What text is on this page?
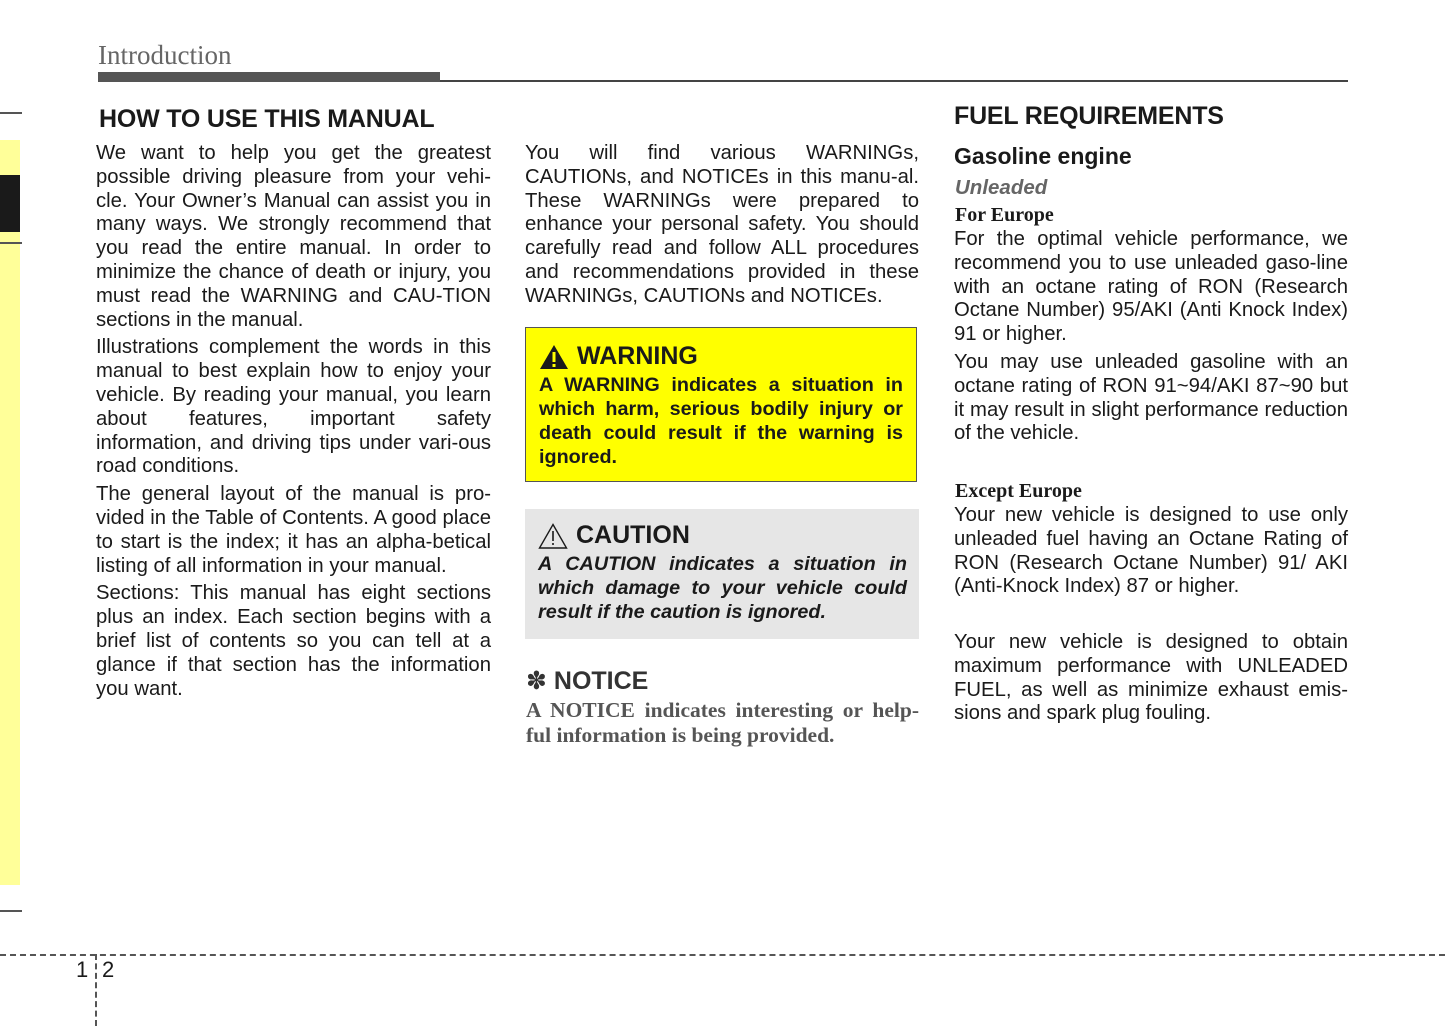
Introduction
HOW TO USE THIS MANUAL

We want to help you get the greatest possible driving pleasure from your vehi-cle. Your Owner’s Manual can assist you in many ways. We strongly recommend that you read the entire manual. In order to minimize the chance of death or injury, you must read the WARNING and CAU-TION sections in the manual.

Illustrations complement the words in this manual to best explain how to enjoy your vehicle. By reading your manual, you learn about features, important safety information, and driving tips under vari-ous road conditions.

The general layout of the manual is pro-vided in the Table of Contents. A good place to start is the index; it has an alpha-betical listing of all information in your manual.

Sections: This manual has eight sections plus an index. Each section begins with a brief list of contents so you can tell at a glance if that section has the information you want.

You will find various WARNINGs, CAUTIONs, and NOTICEs in this manu-al. These WARNINGs were prepared to enhance your personal safety. You should carefully read and follow ALL procedures and recommendations provided in these WARNINGs, CAUTIONs and NOTICEs.

WARNING
A WARNING indicates a situation in which harm, serious bodily injury or death could result if the warning is ignored.
CAUTION
A CAUTION indicates a situation in which damage to your vehicle could result if the caution is ignored.
✽ NOTICE
A NOTICE indicates interesting or help-ful information is being provided.
FUEL REQUIREMENTS
Gasoline engine
Unleaded
For Europe

For the optimal vehicle performance, we recommend you to use unleaded gaso-line with an octane rating of RON (Research Octane Number) 95/AKI (Anti Knock Index) 91 or higher.

You may use unleaded gasoline with an octane rating of RON 91~94/AKI 87~90 but it may result in slight performance reduction of the vehicle.

Except Europe

Your new vehicle is designed to use only unleaded fuel having an Octane Rating of RON (Research Octane Number) 91/ AKI (Anti-Knock Index) 87 or higher.

Your new vehicle is designed to obtain maximum performance with UNLEADED FUEL, as well as minimize exhaust emis-sions and spark plug fouling.

1 2
